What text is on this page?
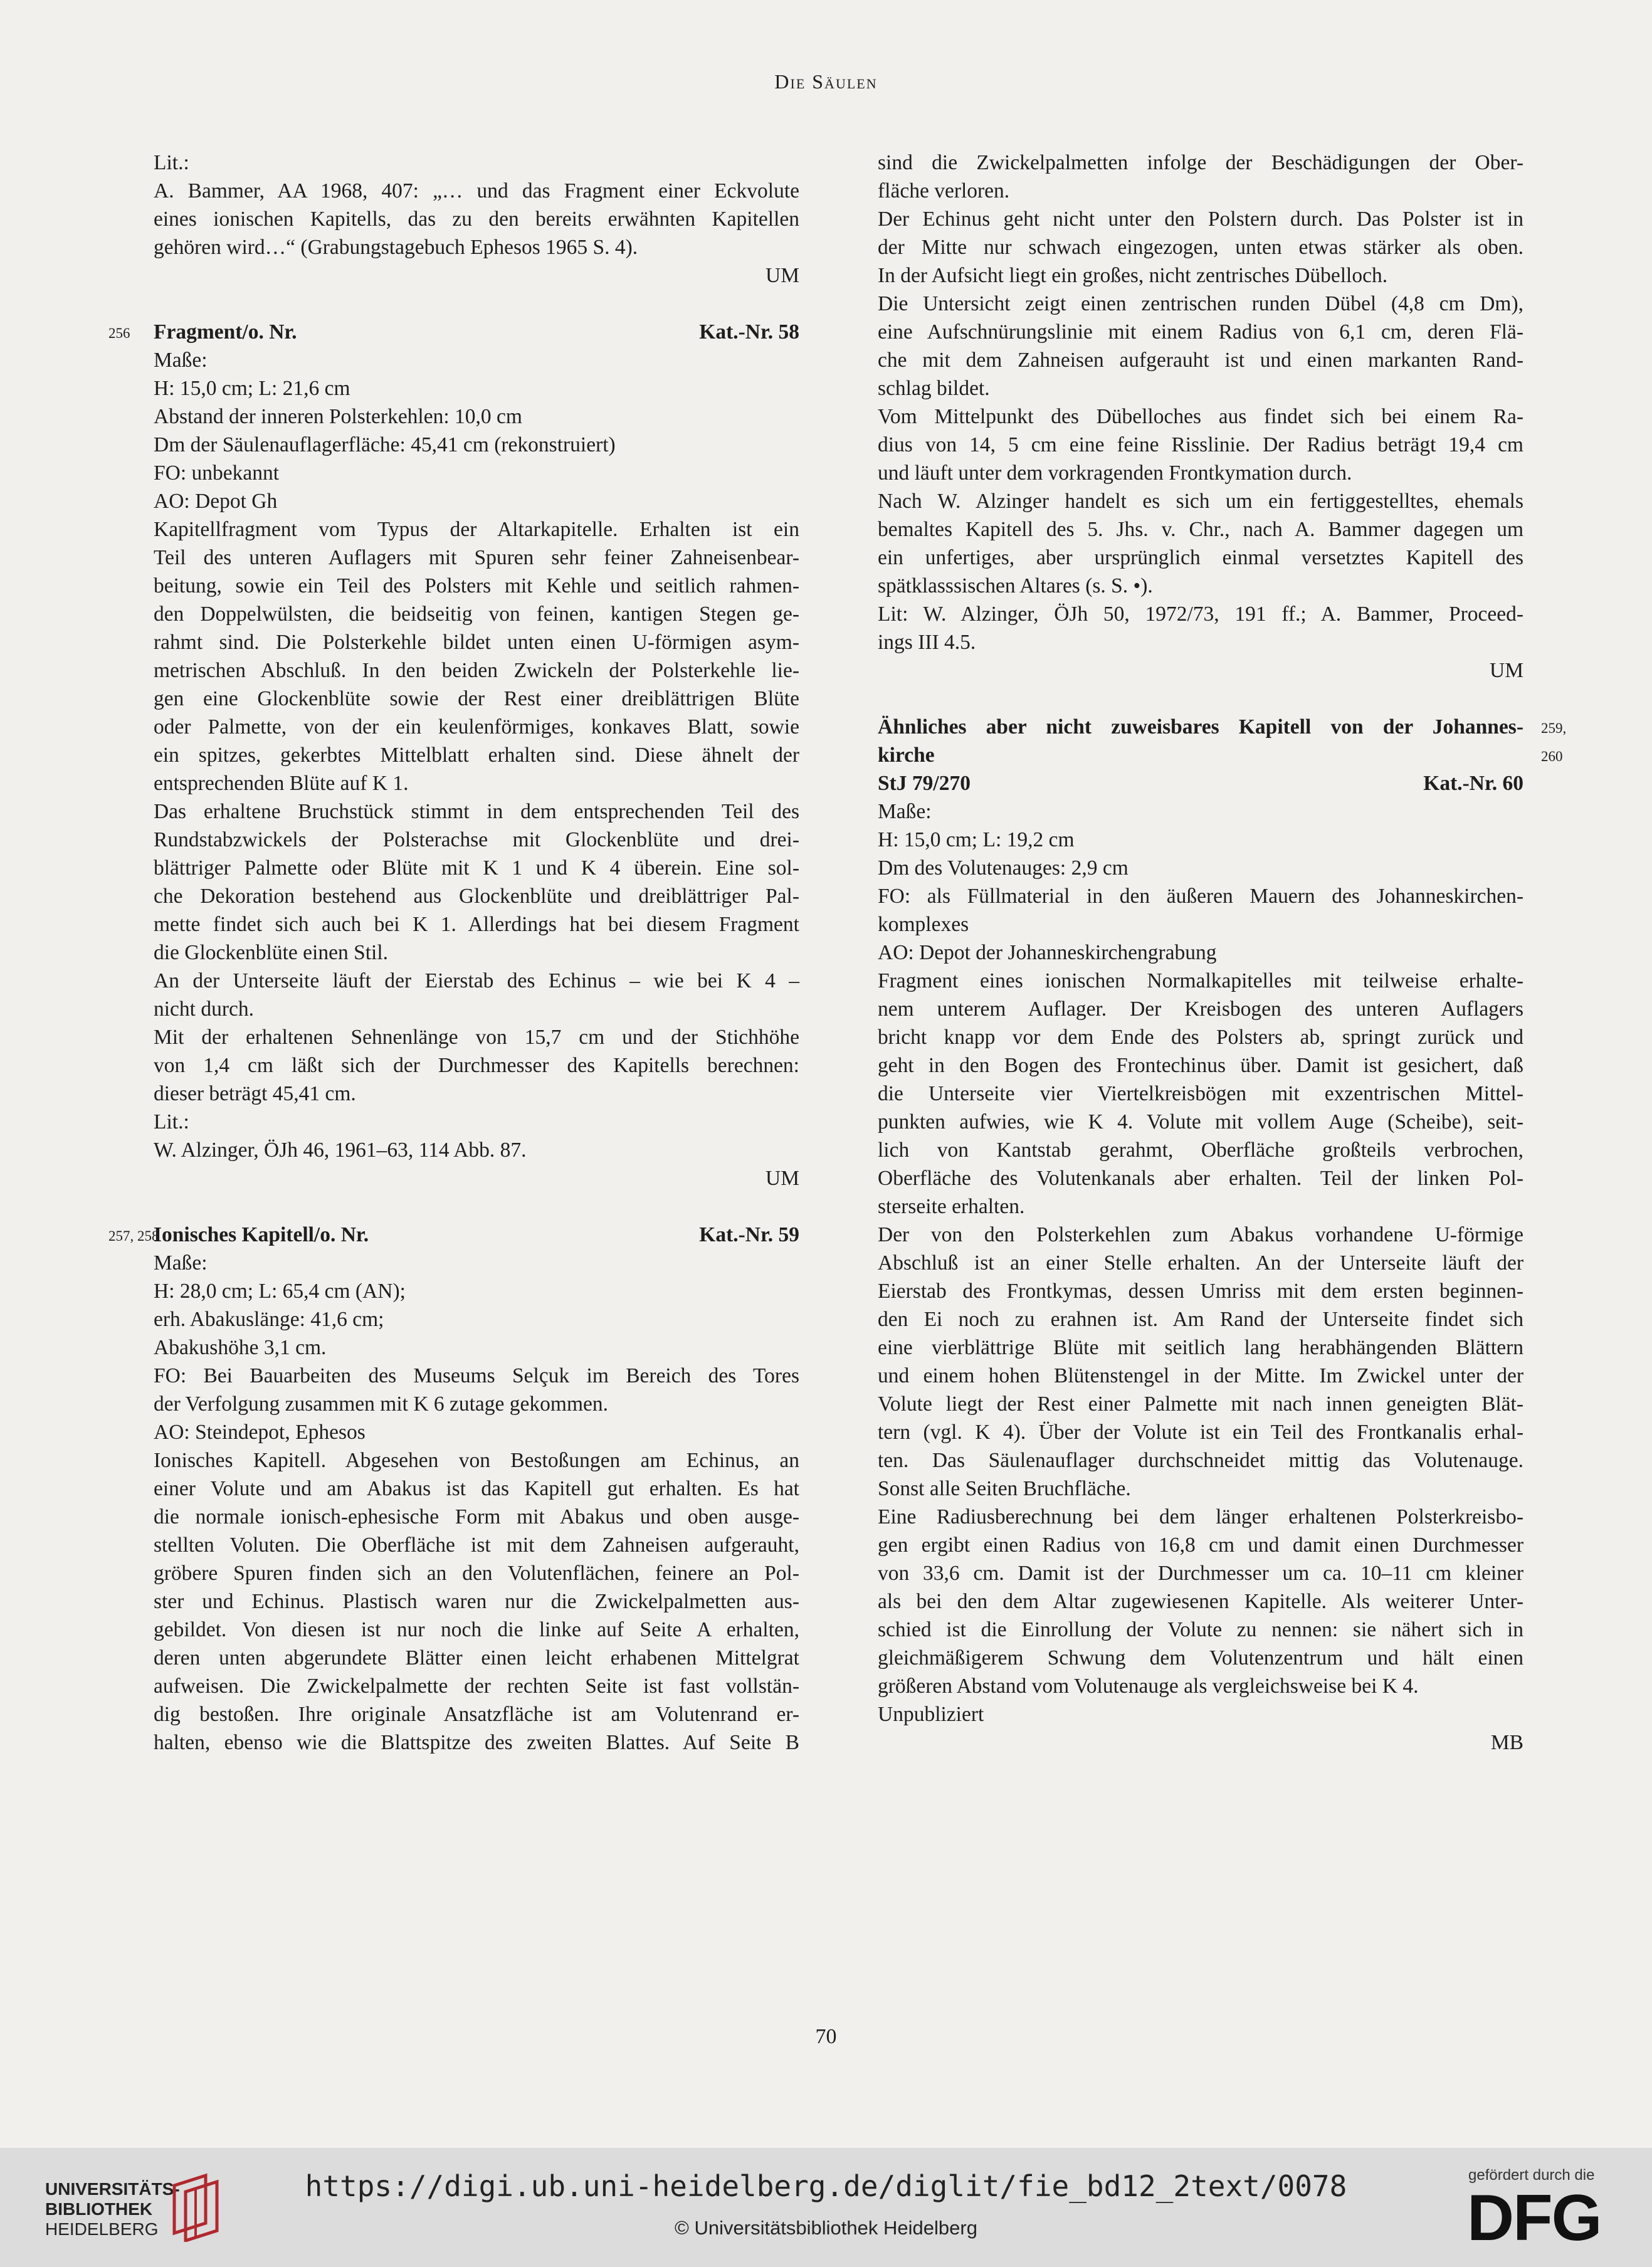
Die Säulen

Lit.:

A. Bammer, AA 1968, 407: „… und das Fragment einer Eckvolute
eines ionischen Kapitells, das zu den bereits erwähnten Kapitellen
gehören wird…“ (Grabungstagebuch Ephesos 1965 S. 4).

UM

256 Fragment/o. Nr.	Kat.-Nr. 58
Maße:
H: 15,0 cm; L: 21,6 cm
Abstand der inneren Polsterkehlen: 10,0 cm
Dm der Säulenauflagerfläche: 45,41 cm (rekonstruiert)
FO: unbekannt
AO: Depot Gh
Kapitellfragment vom Typus der Altarkapitelle. Erhalten ist ein
Teil des unteren Auflagers mit Spuren sehr feiner Zahneisenbear-
beitung, sowie ein Teil des Polsters mit Kehle und seitlich rahmen-
den Doppelwülsten, die beidseitig von feinen, kantigen Stegen ge-
rahmt sind. Die Polsterkehle bildet unten einen U-förmigen asym-
metrischen Abschluß. In den beiden Zwickeln der Polsterkehle lie-
gen eine Glockenblüte sowie der Rest einer dreiblättrigen Blüte
oder Palmette, von der ein keulenförmiges, konkaves Blatt, sowie
ein spitzes, gekerbtes Mittelblatt erhalten sind. Diese ähnelt der
entsprechenden Blüte auf K 1.
Das erhaltene Bruchstück stimmt in dem entsprechenden Teil des
Rundstabzwickels der Polsterachse mit Glockenblüte und drei-
blättriger Palmette oder Blüte mit K 1 und K 4 überein. Eine sol-
che Dekoration bestehend aus Glockenblüte und dreiblättriger Pal-
mette findet sich auch bei K 1. Allerdings hat bei diesem Fragment
die Glockenblüte einen Stil.
An der Unterseite läuft der Eierstab des Echinus – wie bei K 4 –
nicht durch.
Mit der erhaltenen Sehnenlänge von 15,7 cm und der Stichhöhe
von 1,4 cm läßt sich der Durchmesser des Kapitells berechnen:
dieser beträgt 45,41 cm.

Lit.:

W. Alzinger, ÖJh 46, 1961–63, 114 Abb. 87.

UM

257, 258
Ionisches Kapitell/o. Nr.	Kat.-Nr. 59
Maße:
H: 28,0 cm; L: 65,4 cm (AN);
erh. Abakuslänge: 41,6 cm;
Abakushöhe 3,1 cm.
FO: Bei Bauarbeiten des Museums Selçuk im Bereich des Tores
der Verfolgung zusammen mit K 6 zutage gekommen.

AO: Steindepot, Ephesos

Ionisches Kapitell. Abgesehen von Bestoßungen am Echinus, an
einer Volute und am Abakus ist das Kapitell gut erhalten. Es hat
die normale ionisch-ephesische Form mit Abakus und oben ausge-
stellten Voluten. Die Oberfläche ist mit dem Zahneisen aufgerauht,
gröbere Spuren finden sich an den Volutenflächen, feinere an Pol-
ster und Echinus. Plastisch waren nur die Zwickelpalmetten aus-
gebildet. Von diesen ist nur noch die linke auf Seite A erhalten,
deren unten abgerundete Blätter einen leicht erhabenen Mittelgrat
aufweisen. Die Zwickelpalmette der rechten Seite ist fast vollstän-
dig bestoßen. Ihre originale Ansatzfläche ist am Volutenrand er-
halten, ebenso wie die Blattspitze des zweiten Blattes. Auf Seite B
sind die Zwickelpalmetten infolge der Beschädigungen der Ober-
fläche verloren.
Der Echinus geht nicht unter den Polstern durch. Das Polster ist in
der Mitte nur schwach eingezogen, unten etwas stärker als oben.
In der Aufsicht liegt ein großes, nicht zentrisches Dübelloch.
Die Untersicht zeigt einen zentrischen runden Dübel (4,8 cm Dm),
eine Aufschnürungslinie mit einem Radius von 6,1 cm, deren Flä-
che mit dem Zahneisen aufgerauht ist und einen markanten Rand-
schlag bildet.
Vom Mittelpunkt des Dübelloches aus findet sich bei einem Ra-
dius von 14, 5 cm eine feine Risslinie. Der Radius beträgt 19,4 cm
und läuft unter dem vorkragenden Frontkymation durch.
Nach W. Alzinger handelt es sich um ein fertiggestelltes, ehemals
bemaltes Kapitell des 5. Jhs. v. Chr., nach A. Bammer dagegen um
ein unfertiges, aber ursprünglich einmal versetztes Kapitell des
spätklasssischen Altares (s. S. •).
Lit: W. Alzinger, ÖJh 50, 1972/73, 191 ff.; A. Bammer, Proceed-
ings III 4.5.

UM

259, 260
Ähnliches aber nicht zuweisbares Kapitell von der Johannes-
kirche
StJ 79/270	Kat.-Nr. 60
Maße:
H: 15,0 cm; L: 19,2 cm
Dm des Volutenauges: 2,9 cm
FO: als Füllmaterial in den äußeren Mauern des Johanneskirchen-
komplexes

AO: Depot der Johanneskirchengrabung

Fragment eines ionischen Normalkapitelles mit teilweise erhalte-
nem unterem Auflager. Der Kreisbogen des unteren Auflagers
bricht knapp vor dem Ende des Polsters ab, springt zurück und
geht in den Bogen des Frontechinus über. Damit ist gesichert, daß
die Unterseite vier Viertelkreisbögen mit exzentrischen Mittel-
punkten aufwies, wie K 4. Volute mit vollem Auge (Scheibe), seit-
lich von Kantstab gerahmt, Oberfläche großteils verbrochen,
Oberfläche des Volutenkanals aber erhalten. Teil der linken Pol-
sterseite erhalten.
Der von den Polsterkehlen zum Abakus vorhandene U-förmige
Abschluß ist an einer Stelle erhalten. An der Unterseite läuft der
Eierstab des Frontkymas, dessen Umriss mit dem ersten beginnen-
den Ei noch zu erahnen ist. Am Rand der Unterseite findet sich
eine vierblättrige Blüte mit seitlich lang herabhängenden Blättern
und einem hohen Blütenstengel in der Mitte. Im Zwickel unter der
Volute liegt der Rest einer Palmette mit nach innen geneigten Blät-
tern (vgl. K 4). Über der Volute ist ein Teil des Frontkanalis erhal-
ten. Das Säulenauflager durchschneidet mittig das Volutenauge.
Sonst alle Seiten Bruchfläche.
Eine Radiusberechnung bei dem länger erhaltenen Polsterkreisbo-
gen ergibt einen Radius von 16,8 cm und damit einen Durchmesser
von 33,6 cm. Damit ist der Durchmesser um ca. 10–11 cm kleiner
als bei den dem Altar zugewiesenen Kapitelle. Als weiterer Unter-
schied ist die Einrollung der Volute zu nennen: sie nähert sich in
gleichmäßigerem Schwung dem Volutenzentrum und hält einen
größeren Abstand vom Volutenauge als vergleichsweise bei K 4.

Unpubliziert

MB

70
UNIVERSITÄTS-
BIBLIOTHEK
HEIDELBERG
https://digi.ub.uni-heidelberg.de/diglit/fie_bd12_2text/0078
© Universitätsbibliothek Heidelberg
gefördert durch die
DFG
